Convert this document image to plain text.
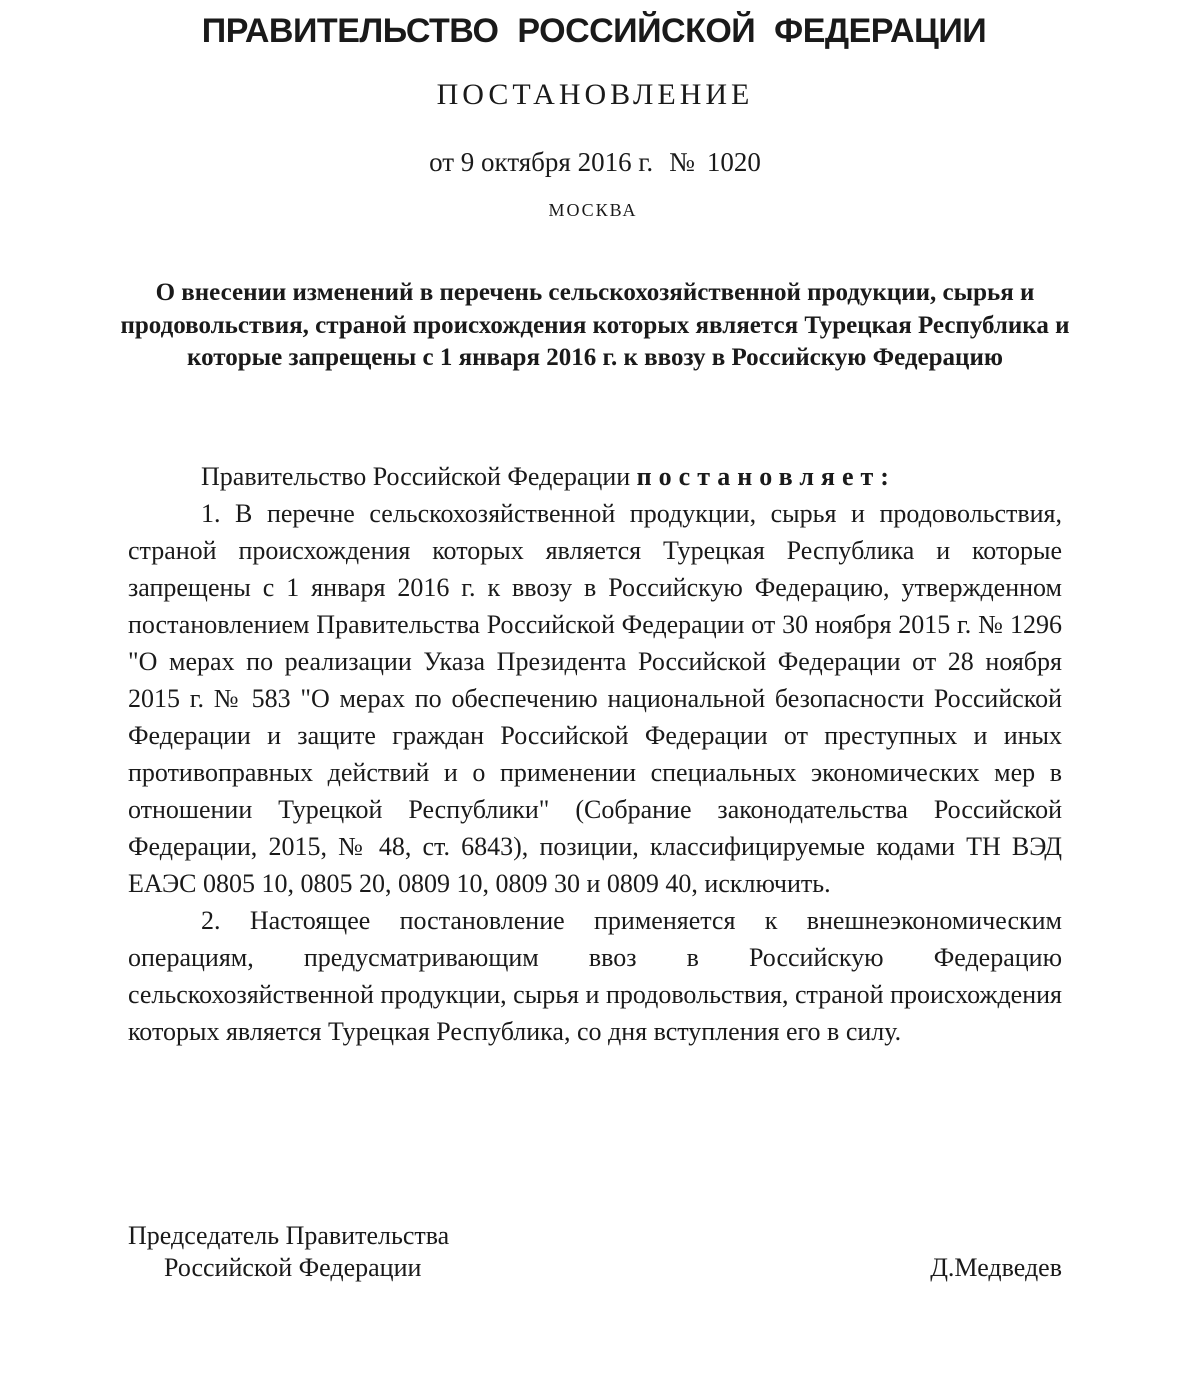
ПРАВИТЕЛЬСТВО РОССИЙСКОЙ ФЕДЕРАЦИИ
ПОСТАНОВЛЕНИЕ
от 9 октября 2016 г. № 1020
МОСКВА
О внесении изменений в перечень сельскохозяйственной продукции, сырья и продовольствия, страной происхождения которых является Турецкая Республика и которые запрещены с 1 января 2016 г. к ввозу в Российскую Федерацию

Правительство Российской Федерации постановляет:

1. В перечне сельскохозяйственной продукции, сырья и продовольствия, страной происхождения которых является Турецкая Республика и которые запрещены с 1 января 2016 г. к ввозу в Российскую Федерацию, утвержденном постановлением Правительства Российской Федерации от 30 ноября 2015 г. № 1296 "О мерах по реализации Указа Президента Российской Федерации от 28 ноября 2015 г. № 583 "О мерах по обеспечению национальной безопасности Российской Федерации и защите граждан Российской Федерации от преступных и иных противоправных действий и о применении специальных экономических мер в отношении Турецкой Республики" (Собрание законодательства Российской Федерации, 2015, № 48, ст. 6843), позиции, классифицируемые кодами ТН ВЭД ЕАЭС 0805 10, 0805 20, 0809 10, 0809 30 и 0809 40, исключить.

2. Настоящее постановление применяется к внешнеэкономическим операциям, предусматривающим ввоз в Российскую Федерацию сельскохозяйственной продукции, сырья и продовольствия, страной происхождения которых является Турецкая Республика, со дня вступления его в силу.

Председатель Правительства
Российской Федерации	Д.Медведев
